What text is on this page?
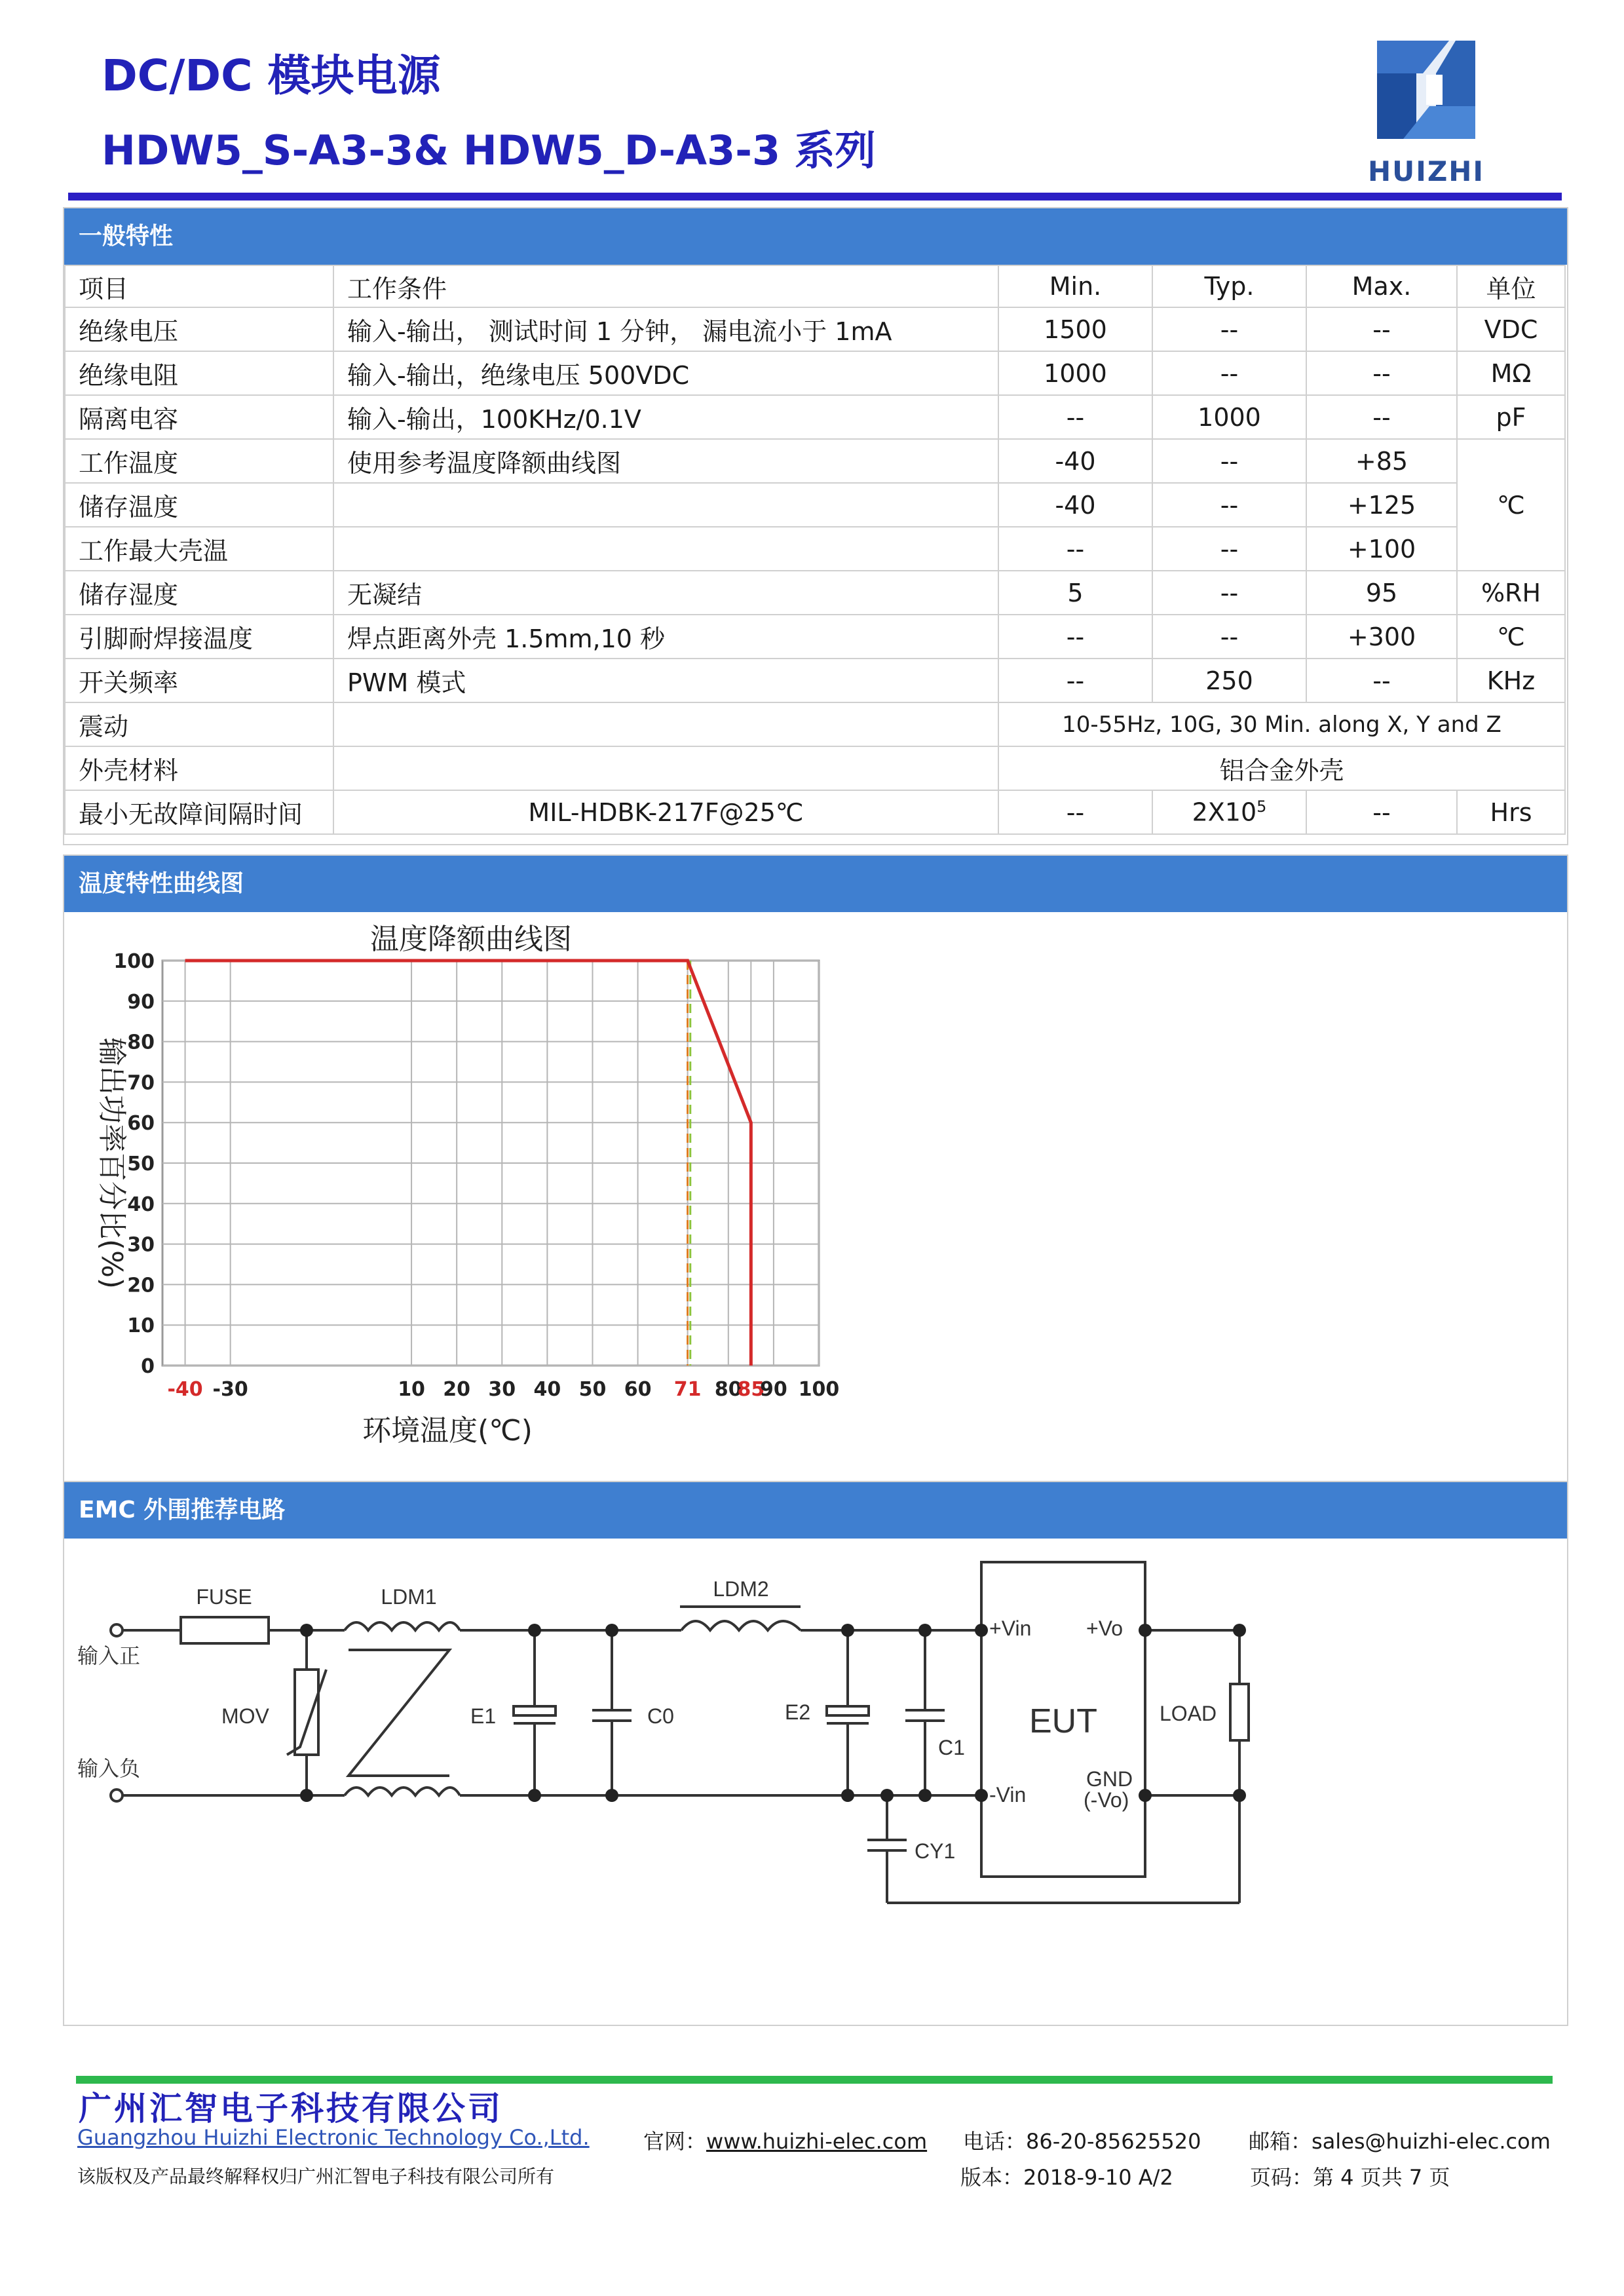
DC/DC 模块电源
HDW5_S-A3-3& HDW5_D-A3-3 系列	HUIZHI
一般特性
项目	工作条件	Min.	Typ.	Max.	单位
绝缘电压	输入-输出， 测试时间 1 分钟， 漏电流小于 1mA	1500	--	--	VDC
绝缘电阻	输入-输出，绝缘电压 500VDC	1000	--	--	MΩ
隔离电容	输入-输出，100KHz/0.1V	--	1000	--	pF
工作温度	使用参考温度降额曲线图	-40	--	+85	℃
储存温度		-40	--	+125	
工作最大壳温		--	--	+100	
储存湿度	无凝结	5	--	95	%RH
引脚耐焊接温度	焊点距离外壳 1.5mm,10 秒	--	--	+300	℃
开关频率	PWM 模式	--	250	--	KHz
震动		10-55Hz, 10G, 30 Min. along X, Y and Z			
外壳材料		铝合金外壳			
最小无故障间隔时间	MIL-HDBK-217F@25℃	--	$2X10^5$	--	Hrs
温度特性曲线图
100
90
80
70
60
50
40
30
20
10
0
-40 -30	10 20 30 40 50 60 71 80
85
90 100
温度降额曲线图
环境温度(℃)
输出功率百分比(%)
EMC 外围推荐电路
FUSE	LDM1	LDM2
MOV	E1	C0	E2
C1
CY1
+Vin
-Vin
+Vo
GND
(-Vo)
LOAD
输入正
输入负
EUT
广州汇智电子科技有限公司
Guangzhou Huizhi Electronic Technology Co.,Ltd.	官网：www.huizhi-elec.com 电话：86-20-85625520 邮箱：sales@huizhi-elec.com
该版权及产品最终解释权归广州汇智电子科技有限公司所有	版本：2018-9-10 A/2	页码：第 4 页共 7 页
